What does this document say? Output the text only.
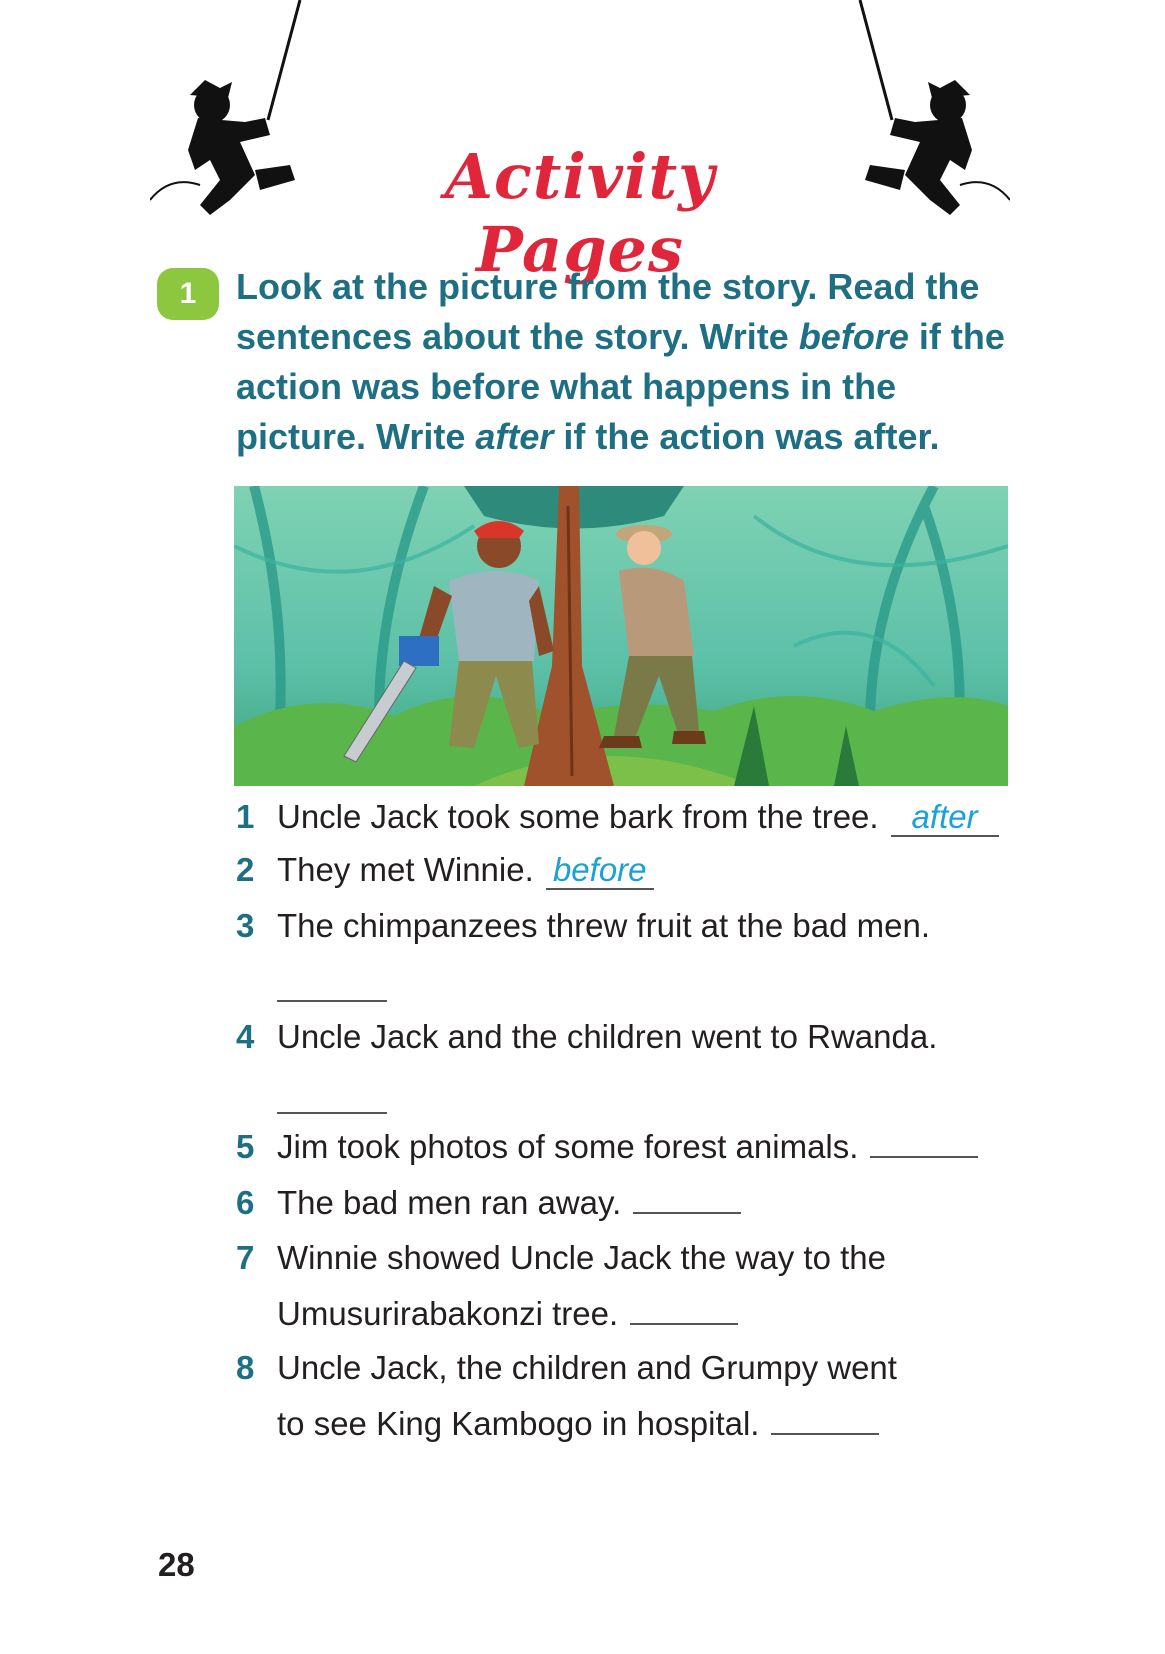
Activity Pages
1	Look at the picture from the story. Read the sentences about the story. Write before if the action was before what happens in the picture. Write after if the action was after.

1 Uncle Jack took some bark from the tree. after
2 They met Winnie. before
3 The chimpanzees threw fruit at the bad men.
4 Uncle Jack and the children went to Rwanda.
5 Jim took photos of some forest animals.
6 The bad men ran away.
7 Winnie showed Uncle Jack the way to the
Umusurirabakonzi tree.
8 Uncle Jack, the children and Grumpy went
to see King Kambogo in hospital.
28
